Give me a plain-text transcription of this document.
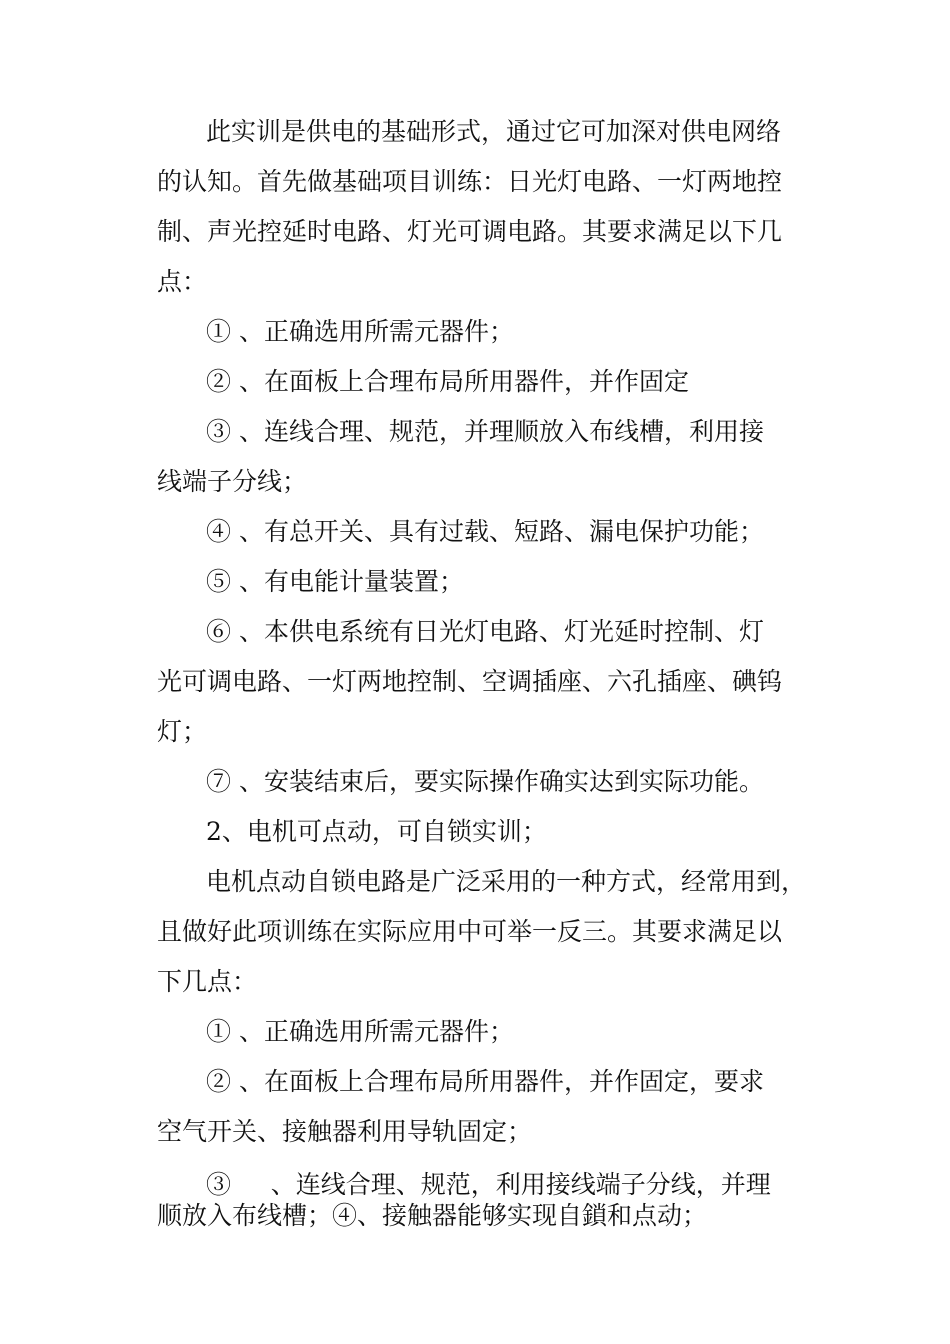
此实训是供电的基础形式，通过它可加深对供电网络
的认知。首先做基础项目训练：日光灯电路、一灯两地控
制、声光控延时电路、灯光可调电路。其要求满足以下几
点：
① 、正确选用所需元器件；
② 、在面板上合理布局所用器件，并作固定
③ 、连线合理、规范，并理顺放入布线槽，利用接
线端子分线；
④ 、有总开关、具有过载、短路、漏电保护功能；
⑤ 、有电能计量装置；
⑥ 、本供电系统有日光灯电路、灯光延时控制、灯
光可调电路、一灯两地控制、空调插座、六孔插座、碘钨
灯；
⑦ 、安装结束后，要实际操作确实达到实际功能。
2、电机可点动，可自锁实训；
电机点动自锁电路是广泛采用的一种方式，经常用到，
且做好此项训练在实际应用中可举一反三。其要求满足以
下几点：
① 、正确选用所需元器件；
② 、在面板上合理布局所用器件，并作固定，要求
空气开关、接触器利用导轨固定；
③     、连线合理、规范，利用接线端子分线，并理
顺放入布线槽；④、接触器能够实现自鎖和点动；
